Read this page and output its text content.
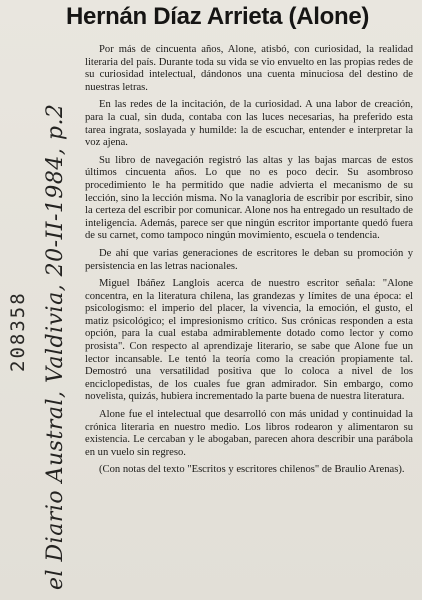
Hernán Díaz Arrieta (Alone)
208358 el Diario Austral, Valdivia, 20-II-1984, p.2

Por más de cincuenta años, Alone, atisbó, con curiosidad, la realidad literaria del país. Durante toda su vida se vio envuelto en las propias redes de su curiosidad intelectual, dándonos una cuenta minuciosa del destino de nuestras letras.

En las redes de la incitación, de la curiosidad. A una labor de creación, para la cual, sin duda, contaba con las luces necesarias, ha preferido esta tarea ingrata, soslayada y humilde: la de escuchar, entender e interpretar la voz ajena.

Su libro de navegación registró las altas y las bajas marcas de estos últimos cincuenta años. Lo que no es poco decir. Su asombroso procedimiento le ha permitido que nadie advierta el mecanismo de su lección, sino la lección misma. No la vanagloria de escribir por escribir, sino la certeza del escribir por comunicar. Alone nos ha entregado un resultado de inteligencia. Además, parece ser que ningún escritor importante quedó fuera de su carnet, como tampoco ningún movimiento, escuela o tendencia.

De ahí que varias generaciones de escritores le deban su promoción y persistencia en las letras nacionales.

Miguel Ibáñez Langlois acerca de nuestro escritor señala: "Alone concentra, en la literatura chilena, las grandezas y límites de una época: el psicologismo: el imperio del placer, la vivencia, la emoción, el gusto, el matiz psicológico; el impresionismo crítico. Sus crónicas responden a esta opción, para la cual estaba admirablemente dotado como lector y como prosista". Con respecto al aprendizaje literario, se sabe que Alone fue un lector incansable. Le tentó la teoría como la creación propiamente tal. Demostró una versatilidad positiva que lo coloca a nivel de los enciclopedistas, de los cuales fue gran admirador. Sin embargo, como novelista, quizás, hubiera incrementado la parte buena de nuestra literatura.

Alone fue el intelectual que desarrolló con más unidad y continuidad la crónica literaria en nuestro medio. Los libros rodearon y alimentaron su existencia. Le cercaban y le abogaban, parecen ahora describir una parábola en un vuelo sin regreso.

(Con notas del texto "Escritos y escritores chilenos" de Braulio Arenas).
